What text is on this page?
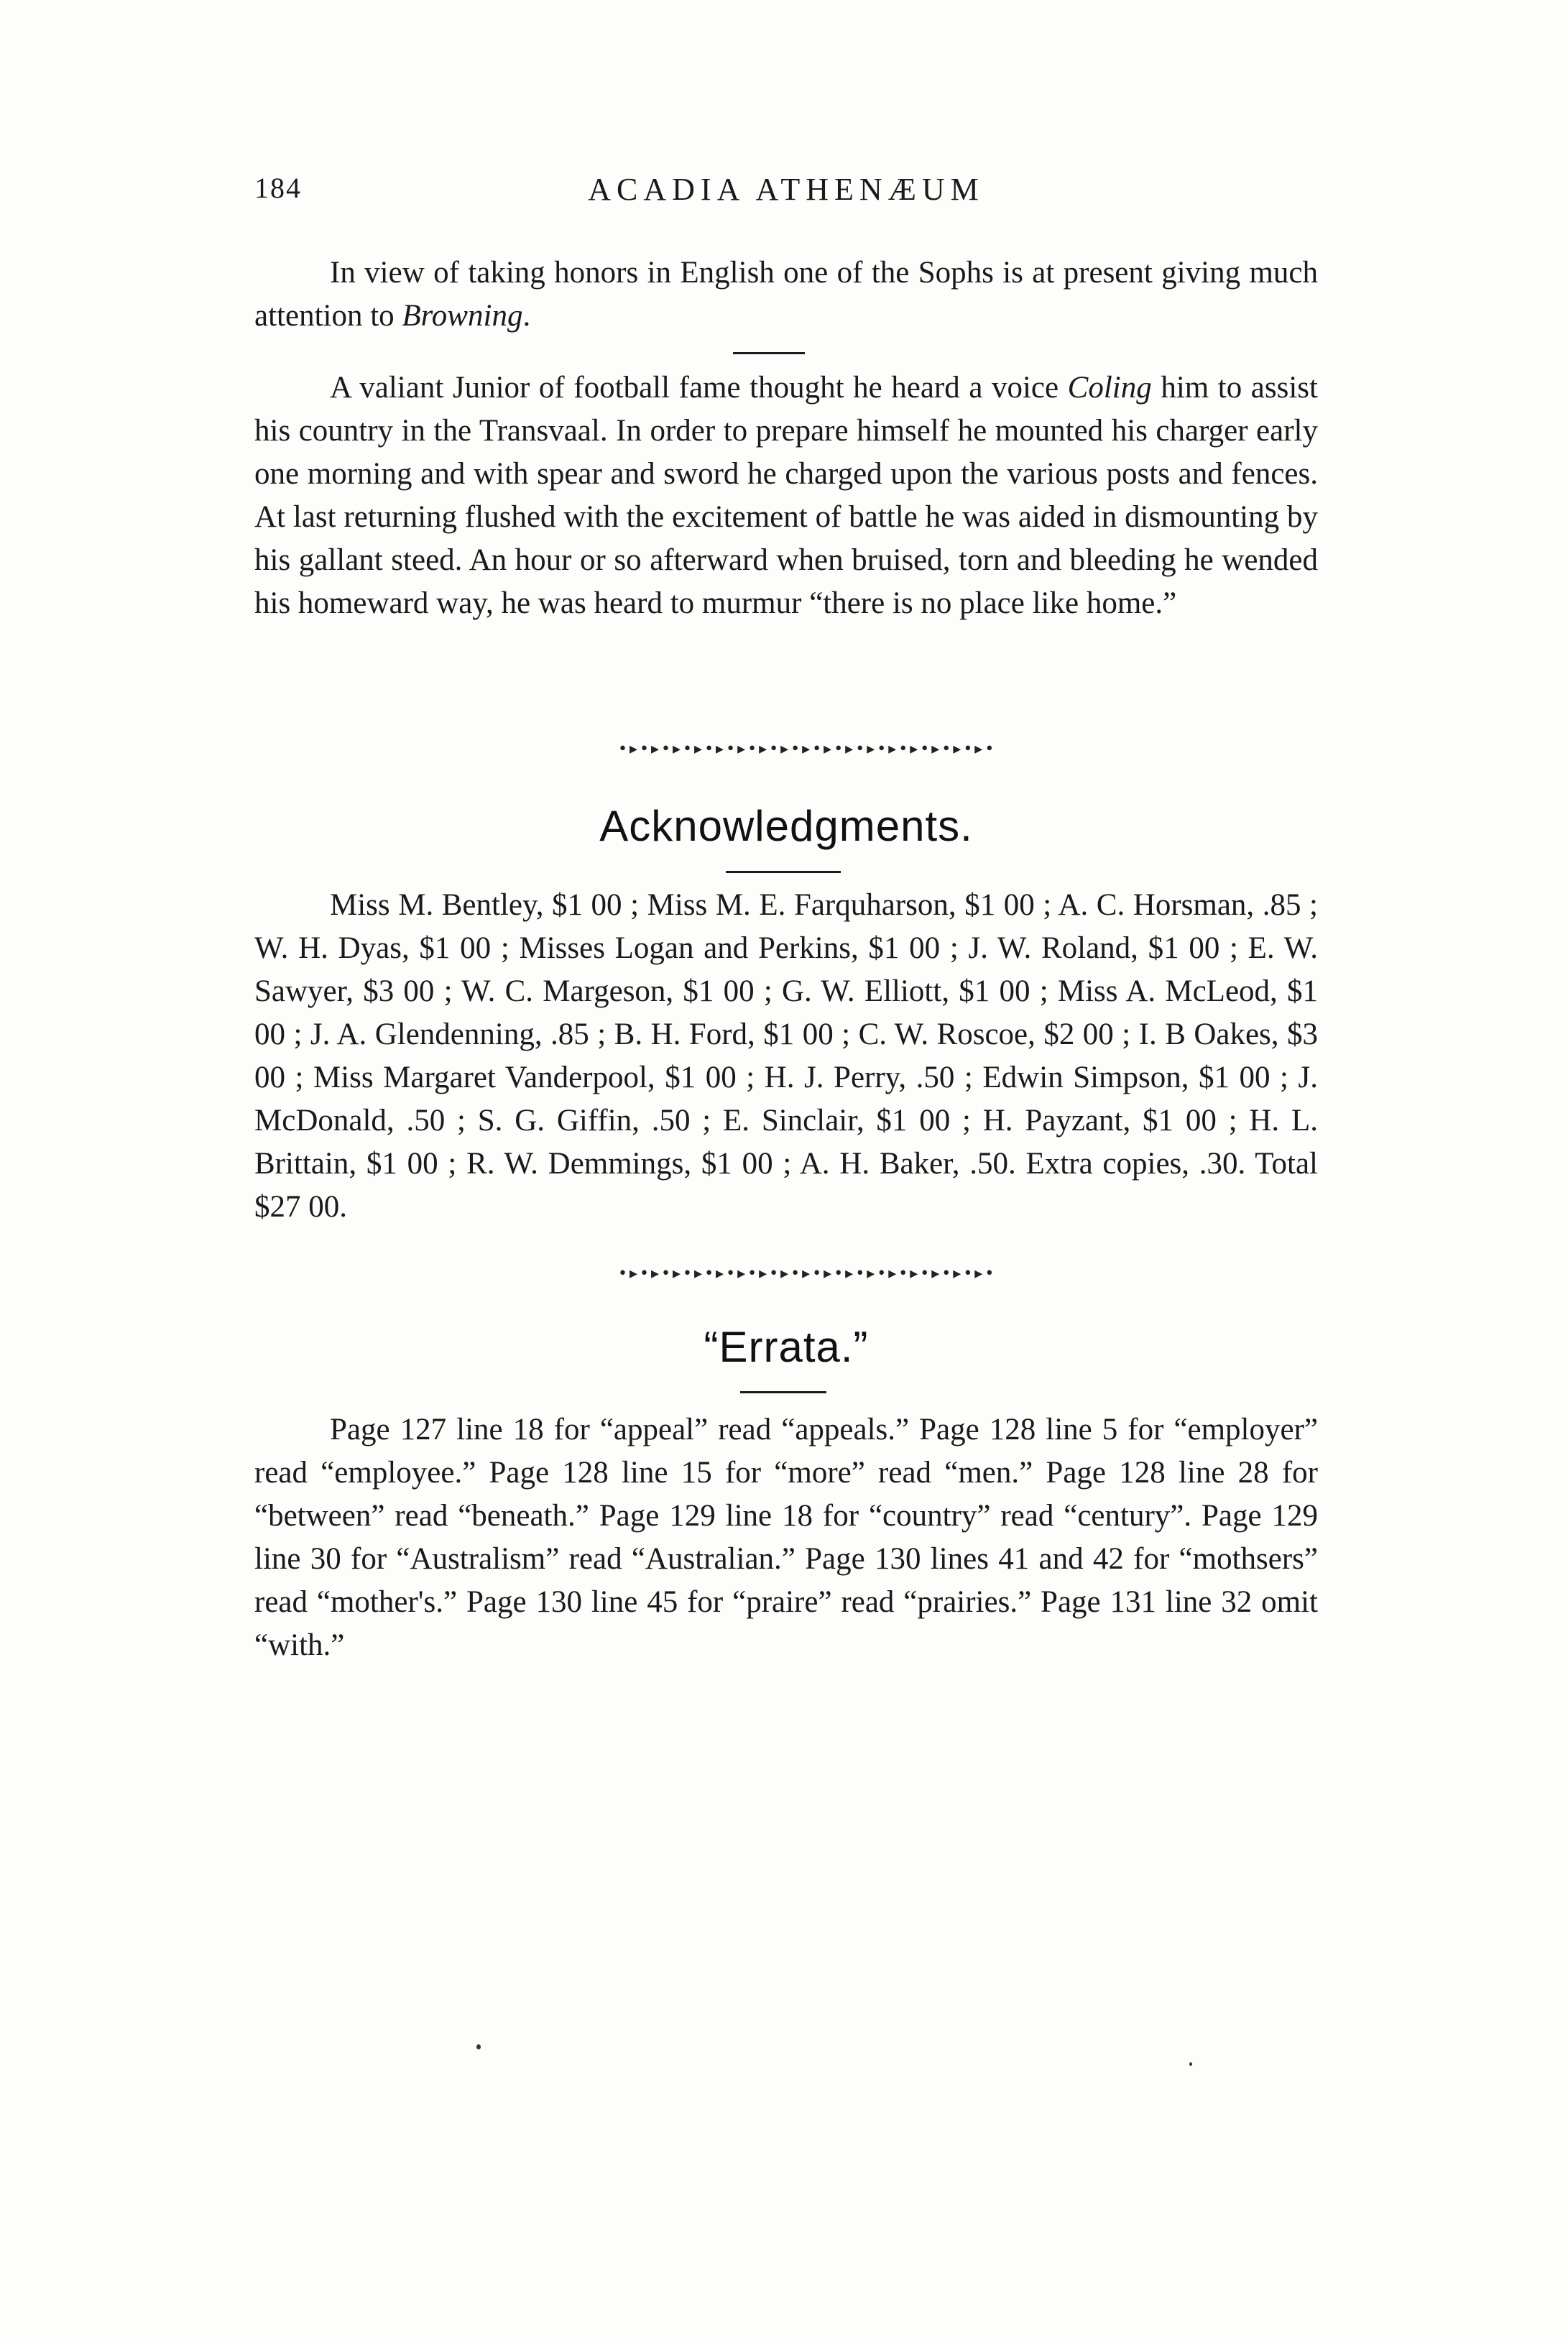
184	ACADIA ATHENÆUM

In view of taking honors in English one of the Sophs is at present giving much attention to Browning.

A valiant Junior of football fame thought he heard a voice Coling him to assist his country in the Transvaal. In order to prepare himself he mounted his charger early one morning and with spear and sword he charged upon the various posts and fences. At last returning flushed with the excitement of battle he was aided in dismounting by his gallant steed. An hour or so afterward when bruised, torn and bleeding he wended his homeward way, he was heard to murmur “there is no place like home.”

•▸•▸•▸•▸•▸•▸•▸•▸•▸•▸•▸•▸•▸•▸•▸•▸•▸•
Acknowledgments.

Miss M. Bentley, $1 00 ; Miss M. E. Farquharson, $1 00 ; A. C. Horsman, .85 ; W. H. Dyas, $1 00 ; Misses Logan and Perkins, $1 00 ; J. W. Roland, $1 00 ; E. W. Sawyer, $3 00 ; W. C. Margeson, $1 00 ; G. W. Elliott, $1 00 ; Miss A. McLeod, $1 00 ; J. A. Glendenning, .85 ; B. H. Ford, $1 00 ; C. W. Roscoe, $2 00 ; I. B Oakes, $3 00 ; Miss Margaret Vanderpool, $1 00 ; H. J. Perry, .50 ; Edwin Simpson, $1 00 ; J. McDonald, .50 ; S. G. Giffin, .50 ; E. Sinclair, $1 00 ; H. Payzant, $1 00 ; H. L. Brittain, $1 00 ; R. W. Demmings, $1 00 ; A. H. Baker, .50. Extra copies, .30. Total $27 00.

•▸•▸•▸•▸•▸•▸•▸•▸•▸•▸•▸•▸•▸•▸•▸•▸•▸•
“Errata.”

Page 127 line 18 for “appeal” read “appeals.” Page 128 line 5 for “employer” read “employee.” Page 128 line 15 for “more” read “men.” Page 128 line 28 for “between” read “beneath.” Page 129 line 18 for “country” read “century”. Page 129 line 30 for “Australism” read “Australian.” Page 130 lines 41 and 42 for “mothsers” read “mother's.” Page 130 line 45 for “praire” read “prairies.” Page 131 line 32 omit “with.”
